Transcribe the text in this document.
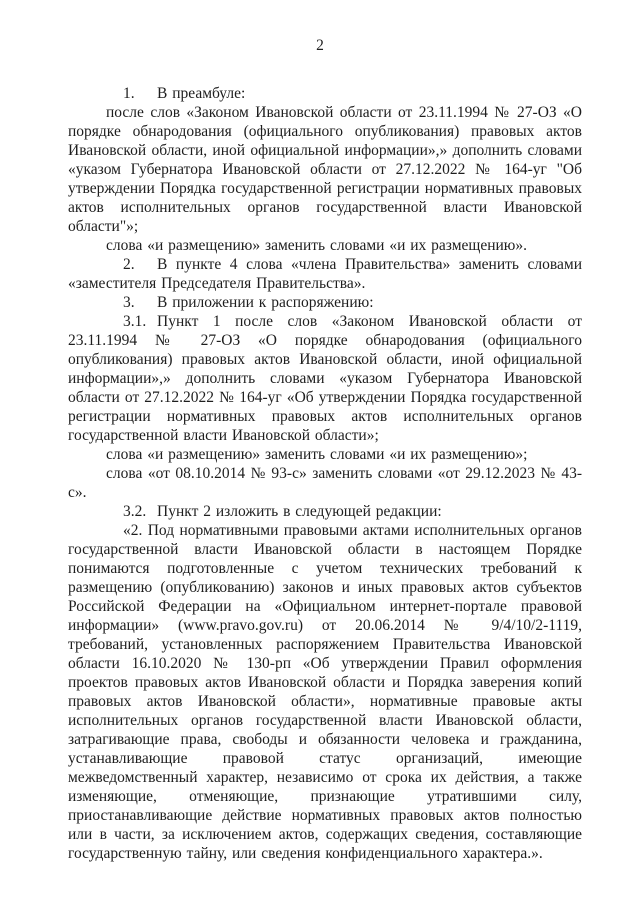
2

1. В преамбуле:

после слов «Законом Ивановской области от 23.11.1994 № 27-ОЗ «О порядке обнародования (официального опубликования) правовых актов Ивановской области, иной официальной информации»,» дополнить словами «указом Губернатора Ивановской области от 27.12.2022 № 164-уг "Об утверждении Порядка государственной регистрации нормативных правовых актов исполнительных органов государственной власти Ивановской области"»;

слова «и размещению» заменить словами «и их размещению».

2. В пункте 4 слова «члена Правительства» заменить словами «заместителя Председателя Правительства».

3. В приложении к распоряжению:

3.1. Пункт 1 после слов «Законом Ивановской области от 23.11.1994 № 27-ОЗ «О порядке обнародования (официального опубликования) правовых актов Ивановской области, иной официальной информации»,» дополнить словами «указом Губернатора Ивановской области от 27.12.2022 № 164-уг «Об утверждении Порядка государственной регистрации нормативных правовых актов исполнительных органов государственной власти Ивановской области»;

слова «и размещению» заменить словами «и их размещению»;

слова «от 08.10.2014 № 93-с» заменить словами «от 29.12.2023 № 43-с».

3.2. Пункт 2 изложить в следующей редакции:

«2. Под нормативными правовыми актами исполнительных органов государственной власти Ивановской области в настоящем Порядке понимаются подготовленные с учетом технических требований к размещению (опубликованию) законов и иных правовых актов субъектов Российской Федерации на «Официальном интернет-портале правовой информации» (www.pravo.gov.ru) от 20.06.2014 № 9/4/10/2-1119, требований, установленных распоряжением Правительства Ивановской области 16.10.2020 № 130-рп «Об утверждении Правил оформления проектов правовых актов Ивановской области и Порядка заверения копий правовых актов Ивановской области», нормативные правовые акты исполнительных органов государственной власти Ивановской области, затрагивающие права, свободы и обязанности человека и гражданина, устанавливающие правовой статус организаций, имеющие межведомственный характер, независимо от срока их действия, а также изменяющие, отменяющие, признающие утратившими силу, приостанавливающие действие нормативных правовых актов полностью или в части, за исключением актов, содержащих сведения, составляющие государственную тайну, или сведения конфиденциального характера.».
